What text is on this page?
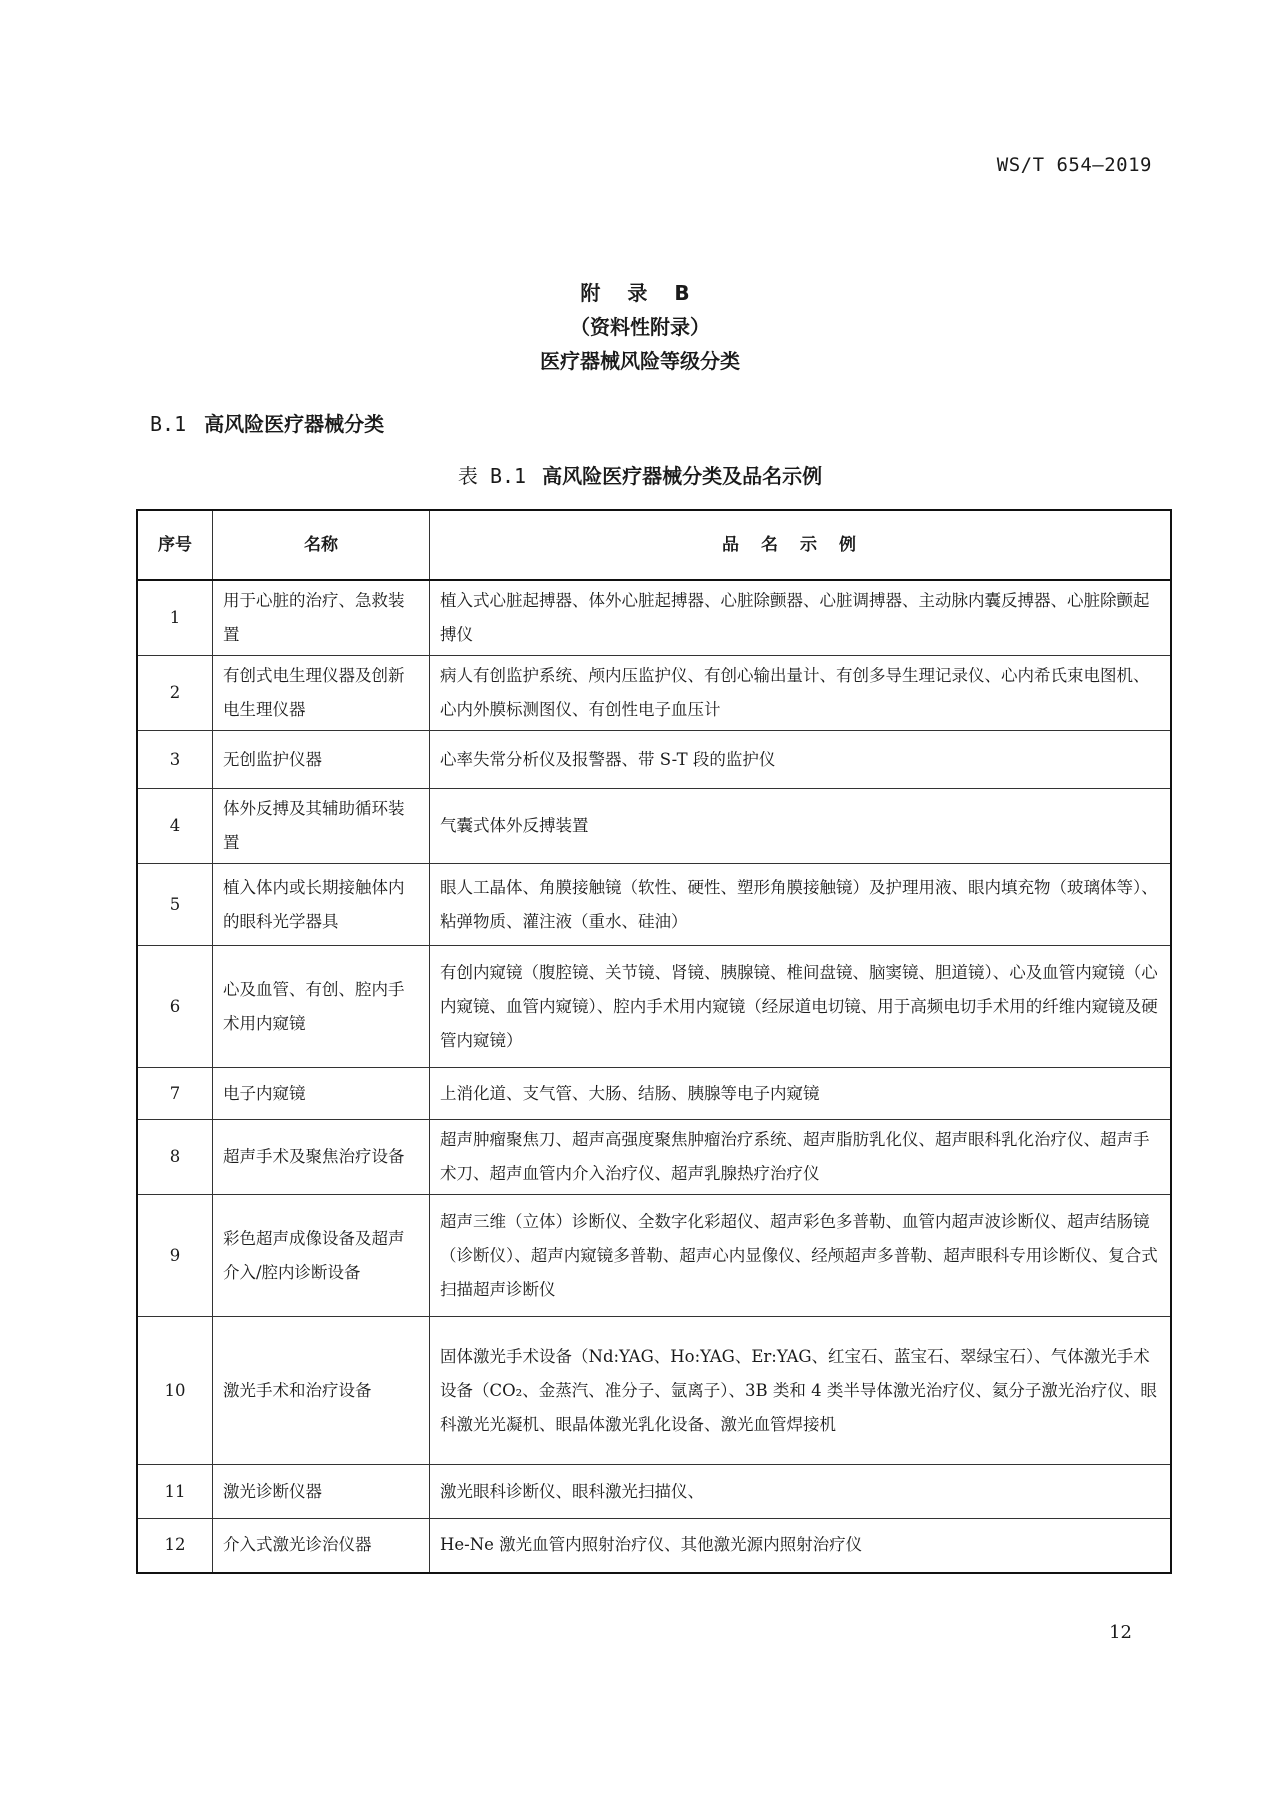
WS/T 654—2019
附 录 B
（资料性附录）
医疗器械风险等级分类
B.1 高风险医疗器械分类
表 B.1 高风险医疗器械分类及品名示例
序号	名称	品名示例
1	用于心脏的治疗、急救装置	植入式心脏起搏器、体外心脏起搏器、心脏除颤器、心脏调搏器、主动脉内囊反搏器、心脏除颤起搏仪
2	有创式电生理仪器及创新电生理仪器	病人有创监护系统、颅内压监护仪、有创心输出量计、有创多导生理记录仪、心内希氏束电图机、心内外膜标测图仪、有创性电子血压计
3	无创监护仪器	心率失常分析仪及报警器、带 S-T 段的监护仪
4	体外反搏及其辅助循环装置	气囊式体外反搏装置
5	植入体内或长期接触体内的眼科光学器具	眼人工晶体、角膜接触镜（软性、硬性、塑形角膜接触镜）及护理用液、眼内填充物（玻璃体等）、粘弹物质、灌注液（重水、硅油）
6	心及血管、有创、腔内手术用内窥镜	有创内窥镜（腹腔镜、关节镜、肾镜、胰腺镜、椎间盘镜、脑窦镜、胆道镜）、心及血管内窥镜（心内窥镜、血管内窥镜）、腔内手术用内窥镜（经尿道电切镜、用于高频电切手术用的纤维内窥镜及硬管内窥镜）
7	电子内窥镜	上消化道、支气管、大肠、结肠、胰腺等电子内窥镜
8	超声手术及聚焦治疗设备	超声肿瘤聚焦刀、超声高强度聚焦肿瘤治疗系统、超声脂肪乳化仪、超声眼科乳化治疗仪、超声手术刀、超声血管内介入治疗仪、超声乳腺热疗治疗仪
9	彩色超声成像设备及超声介入/腔内诊断设备	超声三维（立体）诊断仪、全数字化彩超仪、超声彩色多普勒、血管内超声波诊断仪、超声结肠镜（诊断仪）、超声内窥镜多普勒、超声心内显像仪、经颅超声多普勒、超声眼科专用诊断仪、复合式扫描超声诊断仪
10	激光手术和治疗设备	固体激光手术设备（Nd:YAG、Ho:YAG、Er:YAG、红宝石、蓝宝石、翠绿宝石）、气体激光手术设备（CO₂、金蒸汽、准分子、氩离子）、3B 类和 4 类半导体激光治疗仪、氦分子激光治疗仪、眼科激光光凝机、眼晶体激光乳化设备、激光血管焊接机
11	激光诊断仪器	激光眼科诊断仪、眼科激光扫描仪、
12	介入式激光诊治仪器	He-Ne 激光血管内照射治疗仪、其他激光源内照射治疗仪
12
